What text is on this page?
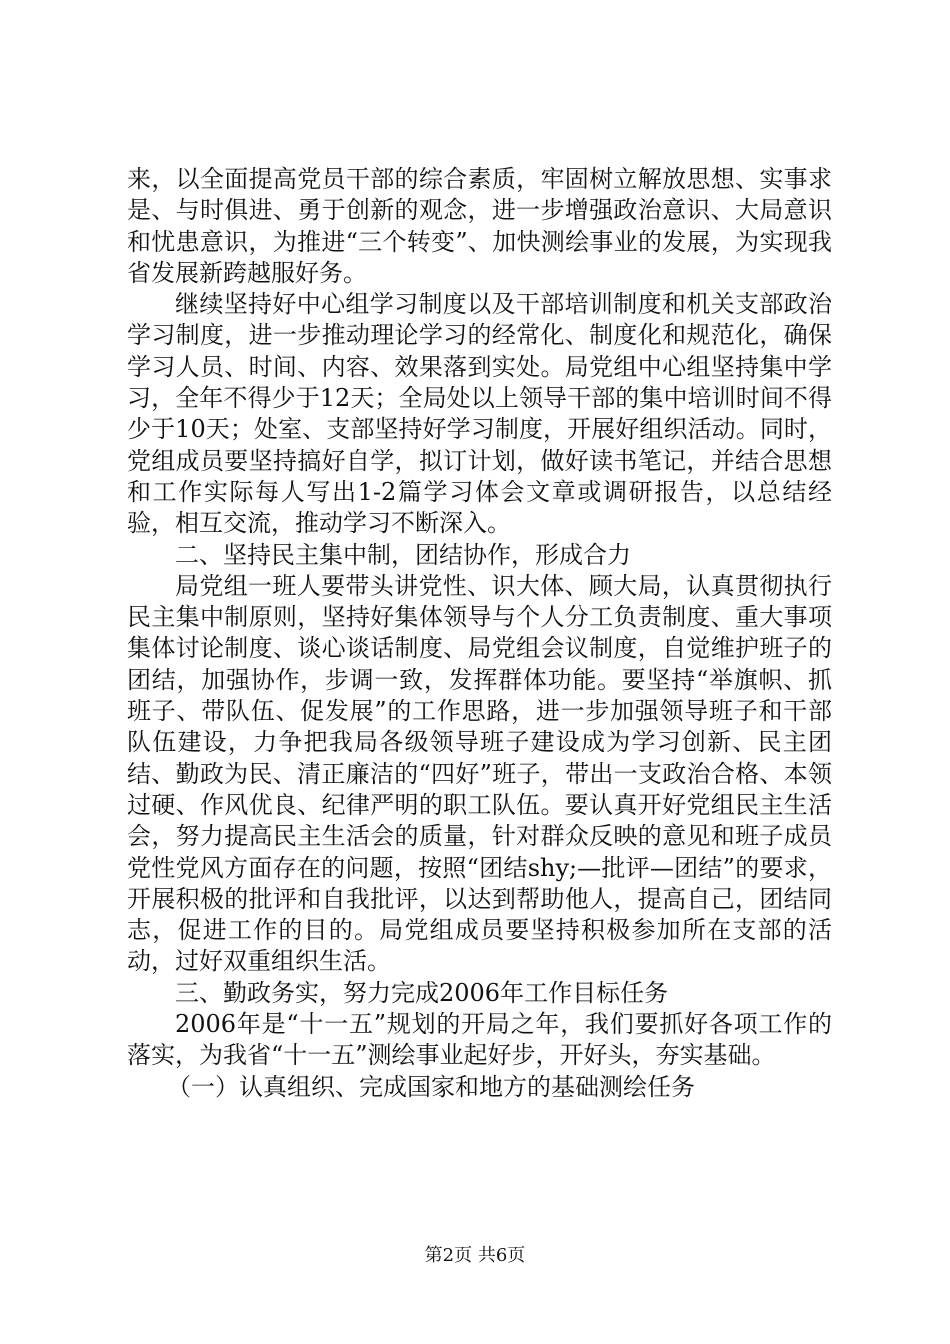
来，以全面提高党员干部的综合素质，牢固树立解放思想、实事求是、与时俱进、勇于创新的观念，进一步增强政治意识、大局意识和忧患意识，为推进“三个转变”、加快测绘事业的发展，为实现我省发展新跨越服好务。

继续坚持好中心组学习制度以及干部培训制度和机关支部政治学习制度，进一步推动理论学习的经常化、制度化和规范化，确保学习人员、时间、内容、效果落到实处。局党组中心组坚持集中学习，全年不得少于12天；全局处以上领导干部的集中培训时间不得少于10天；处室、支部坚持好学习制度，开展好组织活动。同时，党组成员要坚持搞好自学，拟订计划，做好读书笔记，并结合思想和工作实际每人写出1-2篇学习体会文章或调研报告，以总结经验，相互交流，推动学习不断深入。

二、坚持民主集中制，团结协作，形成合力

局党组一班人要带头讲党性、识大体、顾大局，认真贯彻执行民主集中制原则，坚持好集体领导与个人分工负责制度、重大事项集体讨论制度、谈心谈话制度、局党组会议制度，自觉维护班子的团结，加强协作，步调一致，发挥群体功能。要坚持“举旗帜、抓班子、带队伍、促发展”的工作思路，进一步加强领导班子和干部队伍建设，力争把我局各级领导班子建设成为学习创新、民主团结、勤政为民、清正廉洁的“四好”班子，带出一支政治合格、本领过硬、作风优良、纪律严明的职工队伍。要认真开好党组民主生活会，努力提高民主生活会的质量，针对群众反映的意见和班子成员党性党风方面存在的问题，按照“团结shy;—批评—团结”的要求，开展积极的批评和自我批评，以达到帮助他人，提高自己，团结同志，促进工作的目的。局党组成员要坚持积极参加所在支部的活动，过好双重组织生活。

三、勤政务实，努力完成2006年工作目标任务

2006年是“十一五”规划的开局之年，我们要抓好各项工作的落实，为我省“十一五”测绘事业起好步，开好头，夯实基础。

（一）认真组织、完成国家和地方的基础测绘任务

第2页 共6页
